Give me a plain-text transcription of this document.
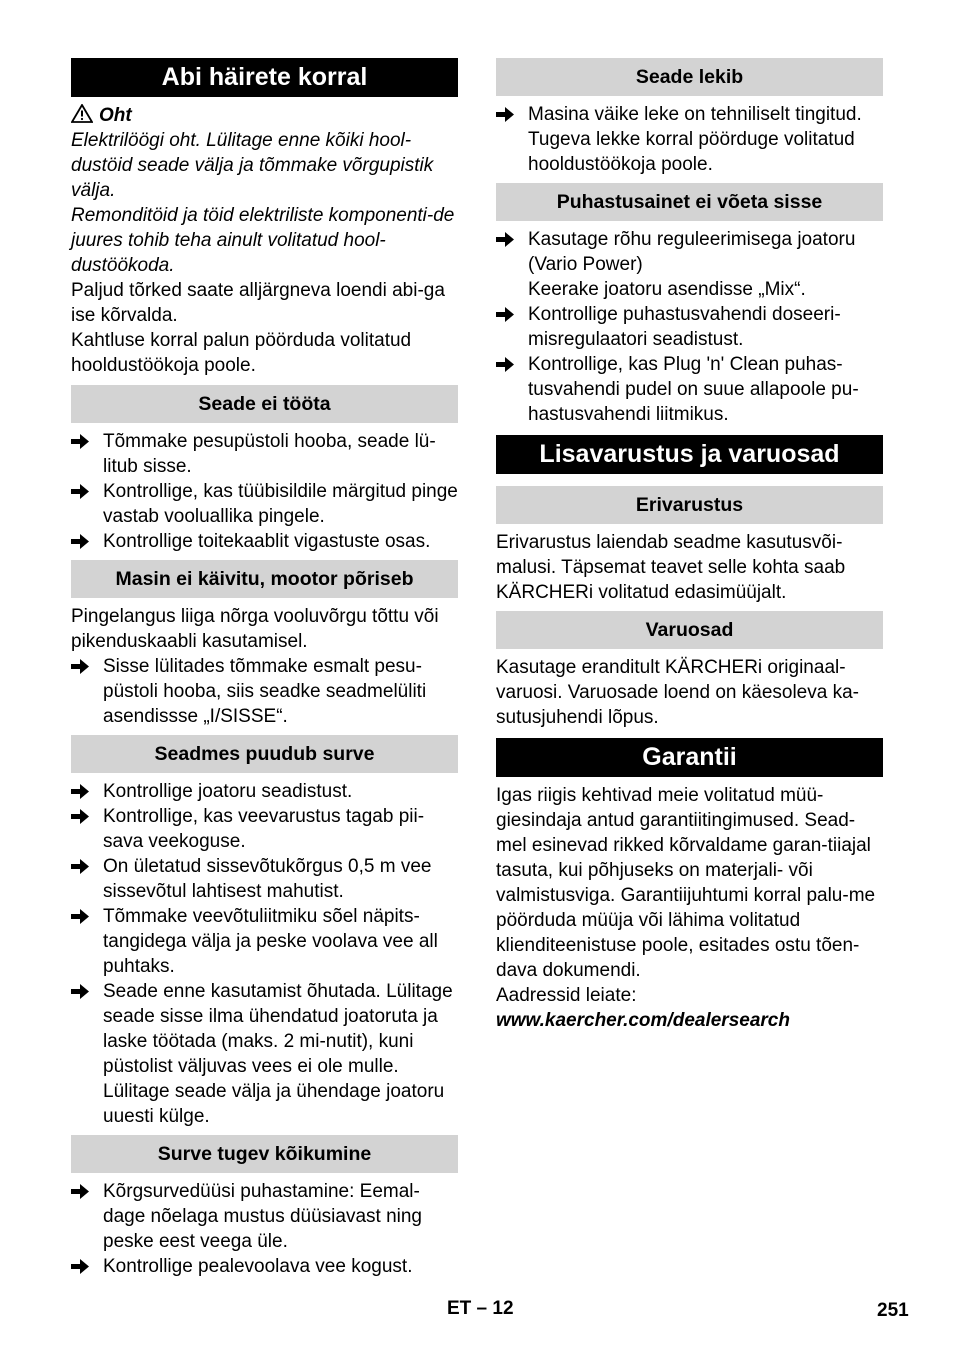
Abi häirete korral
Oht
Elektrilöögi oht. Lülitage enne kõiki hool-dustöid seade välja ja tõmmake võrgupistik välja.
Remonditöid ja töid elektriliste komponenti-de juures tohib teha ainult volitatud hool-dustöökoda.
Paljud tõrked saate alljärgneva loendi abi-ga ise kõrvalda.
Kahtluse korral palun pöörduda volitatud hooldustöökoja poole.
Seade ei tööta
Tõmmake pesupüstoli hooba, seade lü-litub sisse.
Kontrollige, kas tüübisildile märgitud pinge vastab vooluallika pingele.
Kontrollige toitekaablit vigastuste osas.
Masin ei käivitu, mootor põriseb
Pingelangus liiga nõrga vooluvõrgu tõttu või pikenduskaabli kasutamisel.
Sisse lülitades tõmmake esmalt pesu-püstoli hooba, siis seadke seadmelüliti asendissse „I/SISSE“.
Seadmes puudub surve
Kontrollige joatoru seadistust.
Kontrollige, kas veevarustus tagab pii-sava veekoguse.
On ületatud sissevõtukõrgus 0,5 m vee sissevõtul lahtisest mahutist.
Tõmmake veevõtuliitmiku sõel näpits-tangidega välja ja peske voolava vee all puhtaks.
Seade enne kasutamist õhutada. Lülitage seade sisse ilma ühendatud joatoruta ja laske töötada (maks. 2 mi-nutit), kuni püstolist väljuvas vees ei ole mulle. Lülitage seade välja ja ühendage joatoru uuesti külge.
Surve tugev kõikumine
Kõrgsurvedüüsi puhastamine: Eemal-dage nõelaga mustus düüsiavast ning peske eest veega üle.
Kontrollige pealevoolava vee kogust.
Seade lekib
Masina väike leke on tehniliselt tingitud. Tugeva lekke korral pöörduge volitatud hooldustöökoja poole.
Puhastusainet ei võeta sisse
Kasutage rõhu reguleerimisega joatoru (Vario Power)
Keerake joatoru asendisse „Mix“.
Kontrollige puhastusvahendi doseeri-misregulaatori seadistust.
Kontrollige, kas Plug 'n' Clean puhas-tusvahendi pudel on suue allapoole pu-hastusvahendi liitmikus.
Lisavarustus ja varuosad
Erivarustus
Erivarustus laiendab seadme kasutusvõi-malusi. Täpsemat teavet selle kohta saab KÄRCHERi volitatud edasimüüjalt.
Varuosad
Kasutage eranditult KÄRCHERi originaal-varuosi. Varuosade loend on käesoleva ka-sutusjuhendi lõpus.
Garantii
Igas riigis kehtivad meie volitatud müü-giesindaja antud garantiitingimused. Sead-mel esinevad rikked kõrvaldame garan-tiiajal tasuta, kui põhjuseks on materjali- või valmistusviga. Garantiijuhtumi korral palu-me pöörduda müüja või lähima volitatud klienditeenistuse poole, esitades ostu tõen-dava dokumendi.
Aadressid leiate:
www.kaercher.com/dealersearch
ET – 12	251
